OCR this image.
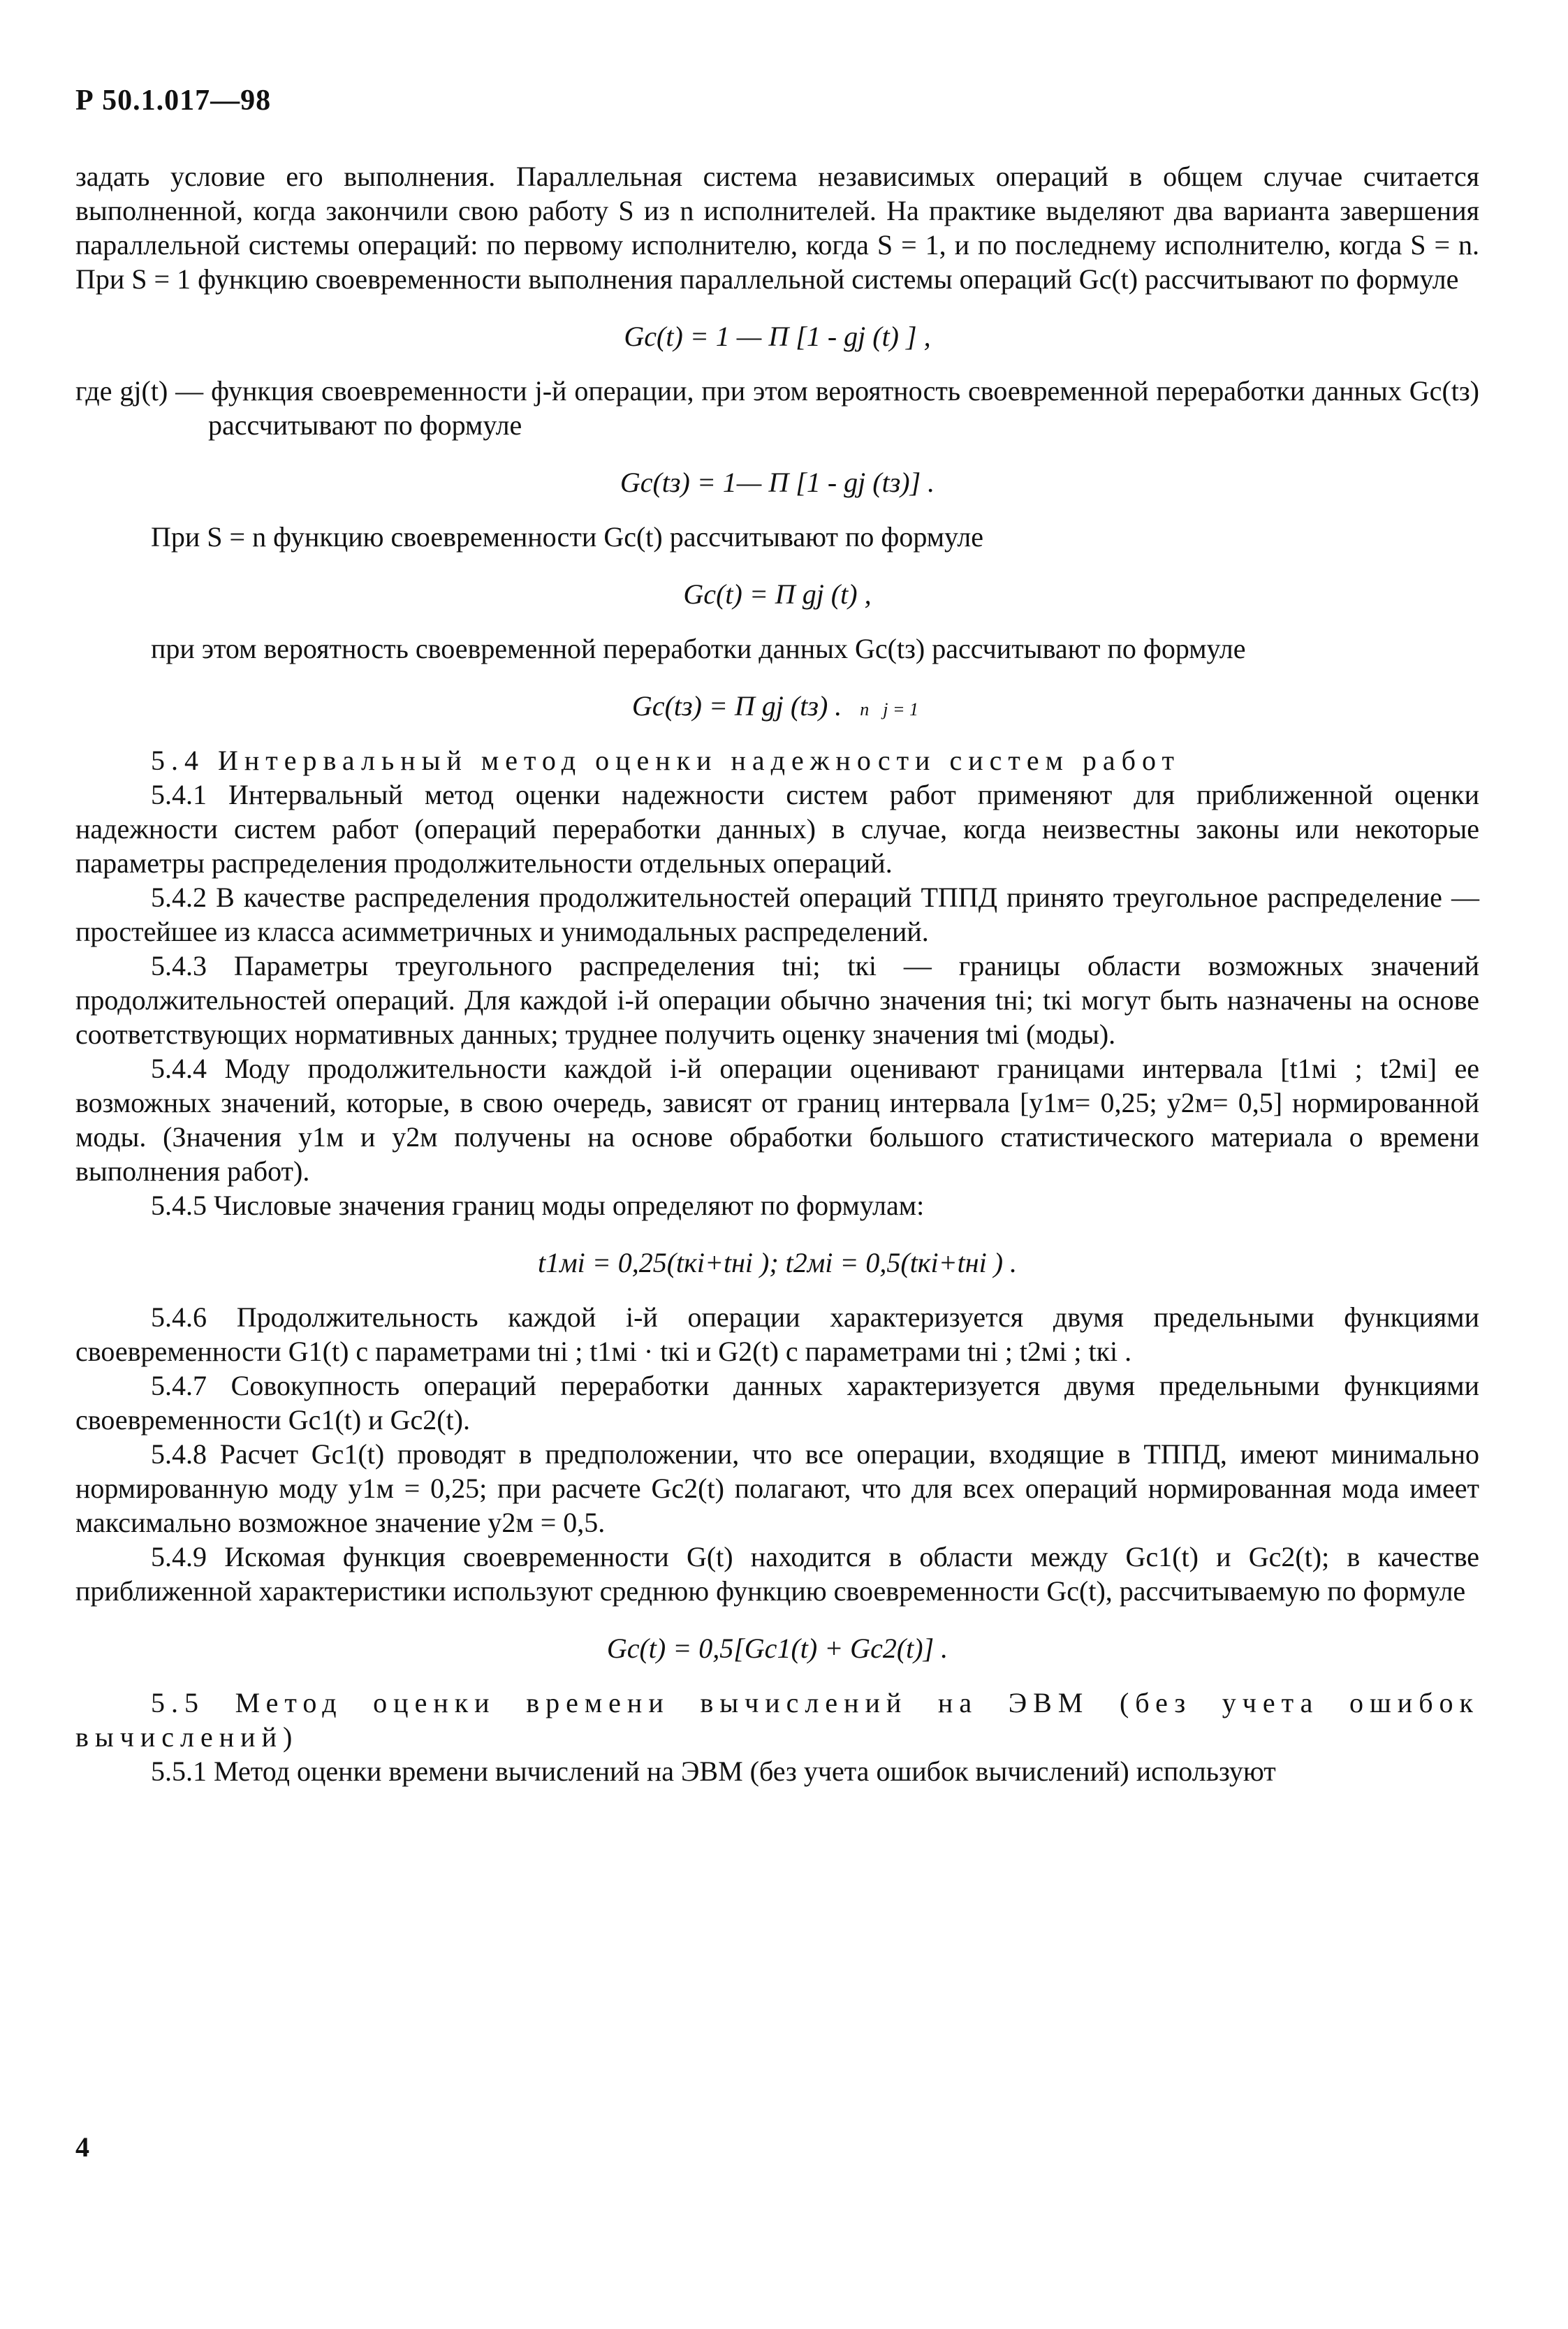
Р 50.1.017—98

задать условие его выполнения. Параллельная система независимых операций в общем случае считается выполненной, когда закончили свою работу S из n исполнителей. На практике выделяют два варианта завершения параллельной системы операций: по первому исполнителю, когда S = 1, и по последнему исполнителю, когда S = n. При S = 1 функцию своевременности выполнения параллельной системы операций Gc(t) рассчитывают по формуле

Gc(t) = 1 — Π [1 - gj (t) ] ,

где gj(t) — функция своевременности j-й операции, при этом вероятность своевременной переработки данных Gc(tз) рассчитывают по формуле

Gc(tз) = 1— Π [1 - gj (tз)] .

При S = n функцию своевременности Gc(t) рассчитывают по формуле

Gc(t) = Π gj (t) ,

при этом вероятность своевременной переработки данных Gc(tз) рассчитывают по формуле

Gc(tз) = Π gj (tз) . n j = 1
5.4 Интервальный метод оценки надежности систем работ

5.4.1 Интервальный метод оценки надежности систем работ применяют для приближенной оценки надежности систем работ (операций переработки данных) в случае, когда неизвестны законы или некоторые параметры распределения продолжительности отдельных операций.

5.4.2 В качестве распределения продолжительностей операций ТППД принято треугольное распределение — простейшее из класса асимметричных и унимодальных распределений.

5.4.3 Параметры треугольного распределения tнi; tкi — границы области возможных значений продолжительностей операций. Для каждой i-й операции обычно значения tнi; tкi могут быть назначены на основе соответствующих нормативных данных; труднее получить оценку значения tмi (моды).

5.4.4 Моду продолжительности каждой i-й операции оценивают границами интервала [t1мi ; t2мi] ее возможных значений, которые, в свою очередь, зависят от границ интервала [y1м= 0,25; y2м= 0,5] нормированной моды. (Значения y1м и y2м получены на основе обработки большого статистического материала о времени выполнения работ).

5.4.5 Числовые значения границ моды определяют по формулам:

t1мi = 0,25(tкi+tнi ); t2мi = 0,5(tкi+tнi ) .

5.4.6 Продолжительность каждой i-й операции характеризуется двумя предельными функциями своевременности G1(t) с параметрами tнi ; t1мi · tкi и G2(t) с параметрами tнi ; t2мi ; tкi .

5.4.7 Совокупность операций переработки данных характеризуется двумя предельными функциями своевременности Gc1(t) и Gc2(t).

5.4.8 Расчет Gc1(t) проводят в предположении, что все операции, входящие в ТППД, имеют минимально нормированную моду y1м = 0,25; при расчете Gc2(t) полагают, что для всех операций нормированная мода имеет максимально возможное значение y2м = 0,5.

5.4.9 Искомая функция своевременности G(t) находится в области между Gc1(t) и Gc2(t); в качестве приближенной характеристики используют среднюю функцию своевременности Gc(t), рассчитываемую по формуле

Gc(t) = 0,5[Gc1(t) + Gc2(t)] .
5.5 Метод оценки времени вычислений на ЭВМ (без учета ошибок вычислений)

5.5.1 Метод оценки времени вычислений на ЭВМ (без учета ошибок вычислений) используют

4
